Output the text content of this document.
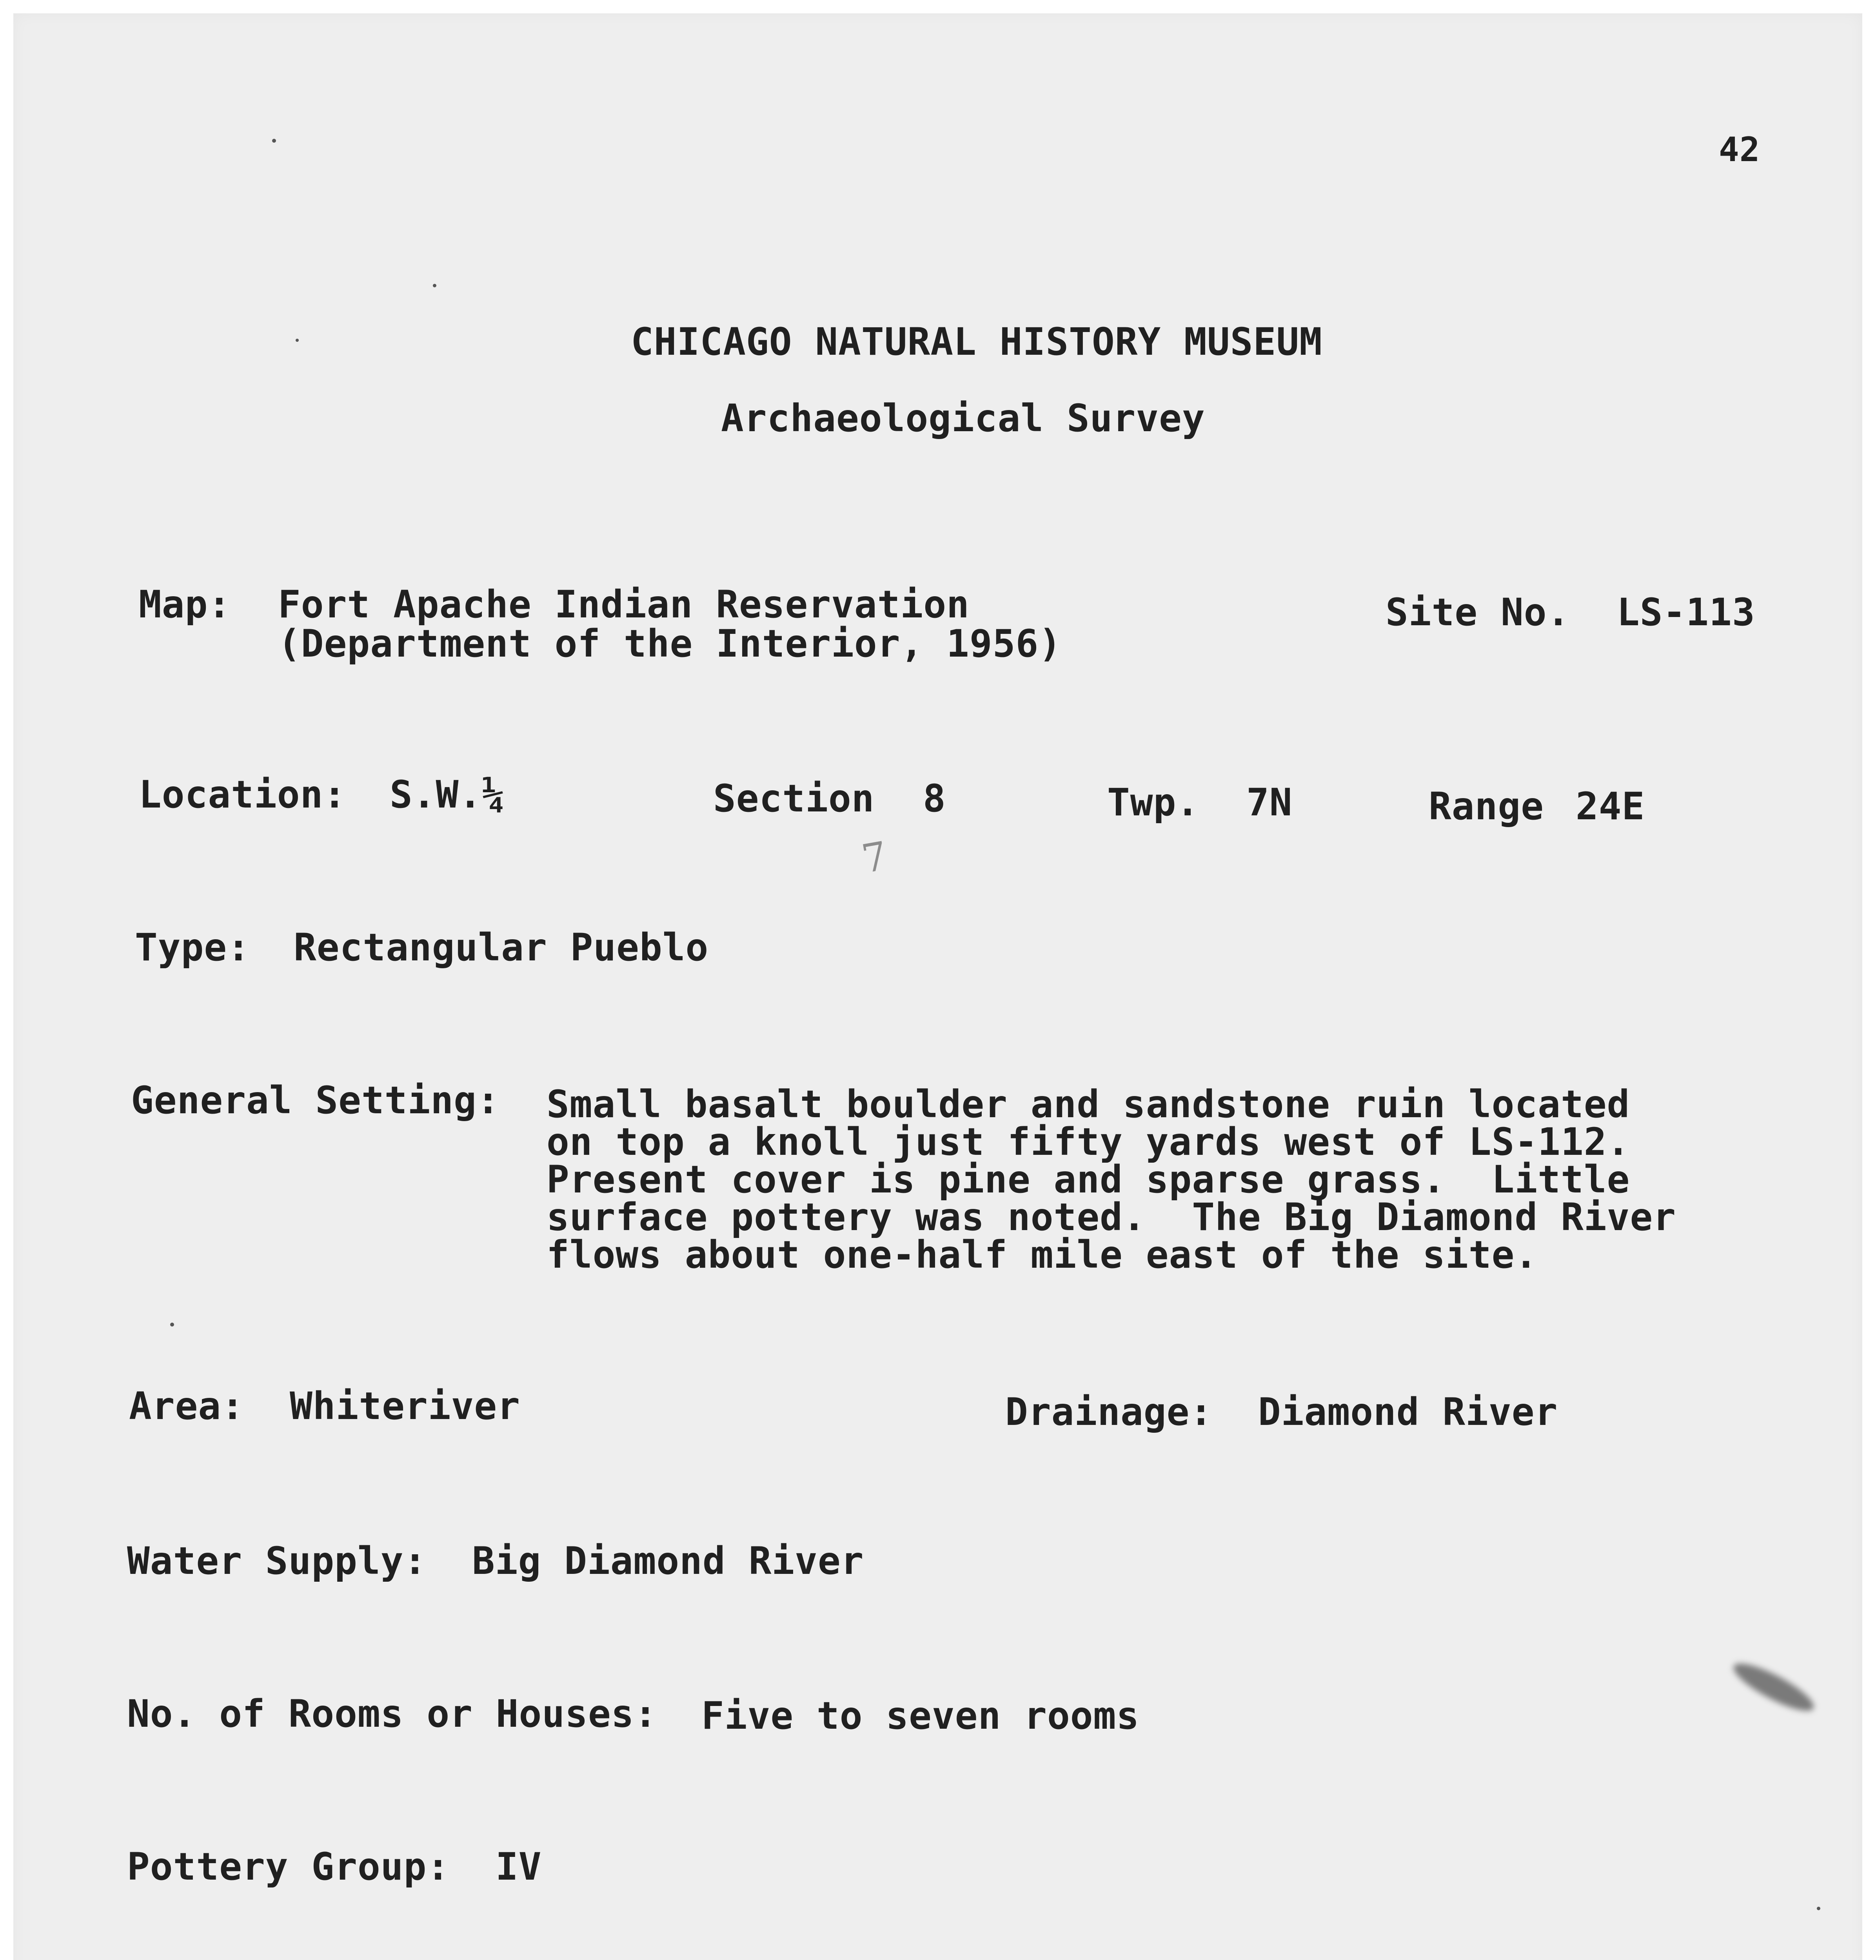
42
CHICAGO NATURAL HISTORY MUSEUM
Archaeological Survey
Map: Fort Apache Indian Reservation
(Department of the Interior, 1956)
Site No. LS-113
Location: S.W.¼	Section 8
7
Twp. 7N	Range 24E
Type: Rectangular Pueblo
General Setting: Small basalt boulder and sandstone ruin located
on top a knoll just fifty yards west of LS-112.
Present cover is pine and sparse grass.  Little
surface pottery was noted.  The Big Diamond River
flows about one-half mile east of the site.
Area: Whiteriver	Drainage: Diamond River
Water Supply: Big Diamond River
No. of Rooms or Houses: Five to seven rooms
Pottery Group: IV
